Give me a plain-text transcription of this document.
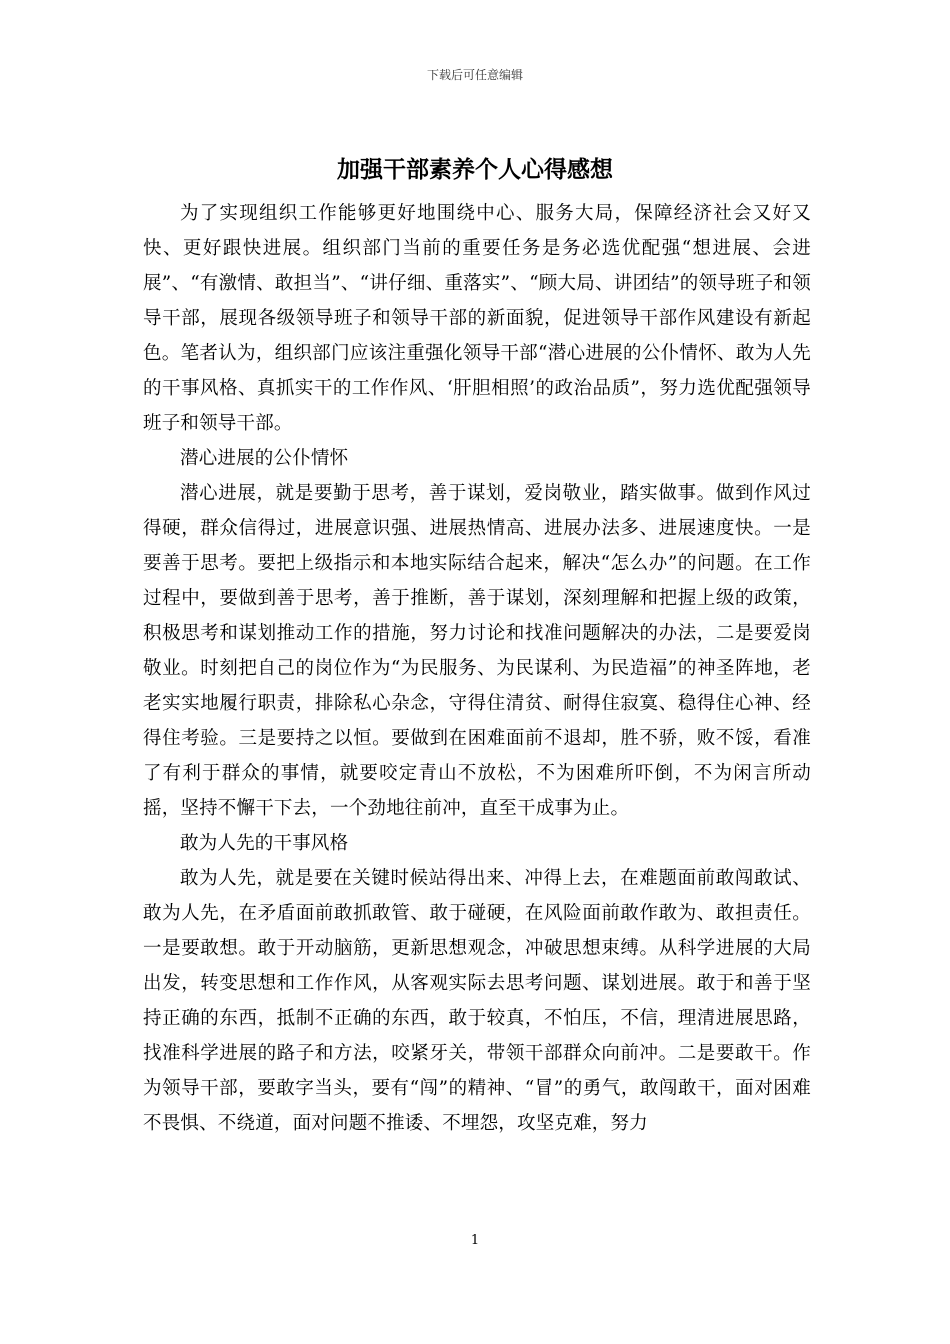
下载后可任意编辑
加强干部素养个人心得感想

为了实现组织工作能够更好地围绕中心、服务大局，保障经济社会又好又快、更好跟快进展。组织部门当前的重要任务是务必选优配强“想进展、会进展”、“有激情、敢担当”、“讲仔细、重落实”、“顾大局、讲团结”的领导班子和领导干部，展现各级领导班子和领导干部的新面貌，促进领导干部作风建设有新起色。笔者认为，组织部门应该注重强化领导干部“潜心进展的公仆情怀、敢为人先的干事风格、真抓实干的工作作风、‘肝胆相照’的政治品质”，努力选优配强领导班子和领导干部。

潜心进展的公仆情怀

潜心进展，就是要勤于思考，善于谋划，爱岗敬业，踏实做事。做到作风过得硬，群众信得过，进展意识强、进展热情高、进展办法多、进展速度快。一是要善于思考。要把上级指示和本地实际结合起来，解决“怎么办”的问题。在工作过程中，要做到善于思考，善于推断，善于谋划，深刻理解和把握上级的政策，积极思考和谋划推动工作的措施，努力讨论和找准问题解决的办法，二是要爱岗敬业。时刻把自己的岗位作为“为民服务、为民谋利、为民造福”的神圣阵地，老老实实地履行职责，排除私心杂念，守得住清贫、耐得住寂寞、稳得住心神、经得住考验。三是要持之以恒。要做到在困难面前不退却，胜不骄，败不馁，看准了有利于群众的事情，就要咬定青山不放松，不为困难所吓倒，不为闲言所动摇，坚持不懈干下去，一个劲地往前冲，直至干成事为止。

敢为人先的干事风格

敢为人先，就是要在关键时候站得出来、冲得上去，在难题面前敢闯敢试、敢为人先，在矛盾面前敢抓敢管、敢于碰硬，在风险面前敢作敢为、敢担责任。一是要敢想。敢于开动脑筋，更新思想观念，冲破思想束缚。从科学进展的大局出发，转变思想和工作作风，从客观实际去思考问题、谋划进展。敢于和善于坚持正确的东西，抵制不正确的东西，敢于较真，不怕压，不信，理清进展思路，找准科学进展的路子和方法，咬紧牙关，带领干部群众向前冲。二是要敢干。作为领导干部，要敢字当头，要有“闯”的精神、“冒”的勇气，敢闯敢干，面对困难不畏惧、不绕道，面对问题不推诿、不埋怨，攻坚克难，努力

1
